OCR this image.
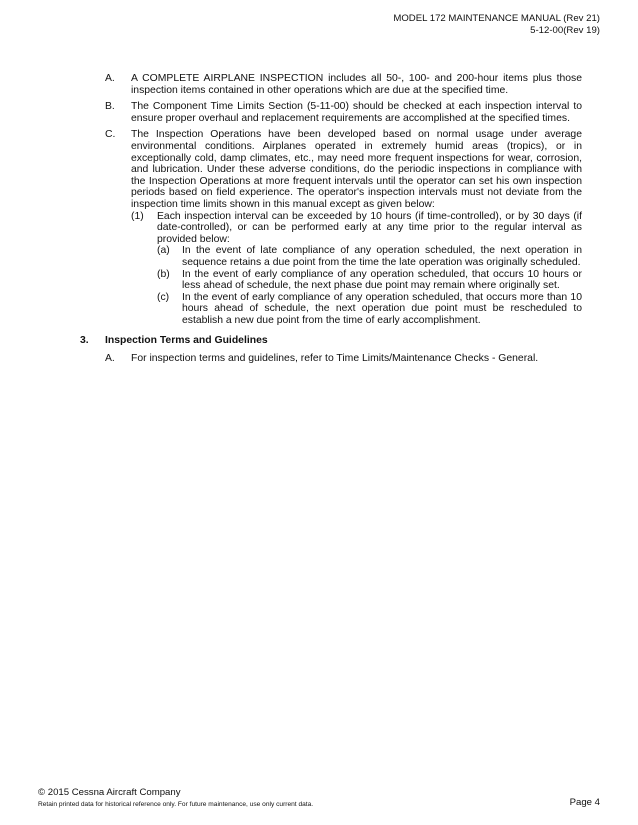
MODEL 172 MAINTENANCE MANUAL (Rev 21)
5-12-00(Rev 19)
A. A COMPLETE AIRPLANE INSPECTION includes all 50-, 100- and 200-hour items plus those inspection items contained in other operations which are due at the specified time.
B. The Component Time Limits Section (5-11-00) should be checked at each inspection interval to ensure proper overhaul and replacement requirements are accomplished at the specified times.
C. The Inspection Operations have been developed based on normal usage under average environmental conditions. Airplanes operated in extremely humid areas (tropics), or in exceptionally cold, damp climates, etc., may need more frequent inspections for wear, corrosion, and lubrication. Under these adverse conditions, do the periodic inspections in compliance with the Inspection Operations at more frequent intervals until the operator can set his own inspection periods based on field experience. The operator's inspection intervals must not deviate from the inspection time limits shown in this manual except as given below:
(1) Each inspection interval can be exceeded by 10 hours (if time-controlled), or by 30 days (if date-controlled), or can be performed early at any time prior to the regular interval as provided below:
(a) In the event of late compliance of any operation scheduled, the next operation in sequence retains a due point from the time the late operation was originally scheduled.
(b) In the event of early compliance of any operation scheduled, that occurs 10 hours or less ahead of schedule, the next phase due point may remain where originally set.
(c) In the event of early compliance of any operation scheduled, that occurs more than 10 hours ahead of schedule, the next operation due point must be rescheduled to establish a new due point from the time of early accomplishment.
3. Inspection Terms and Guidelines
A. For inspection terms and guidelines, refer to Time Limits/Maintenance Checks - General.
© 2015 Cessna Aircraft Company
Retain printed data for historical reference only. For future maintenance, use only current data.	Page 4
